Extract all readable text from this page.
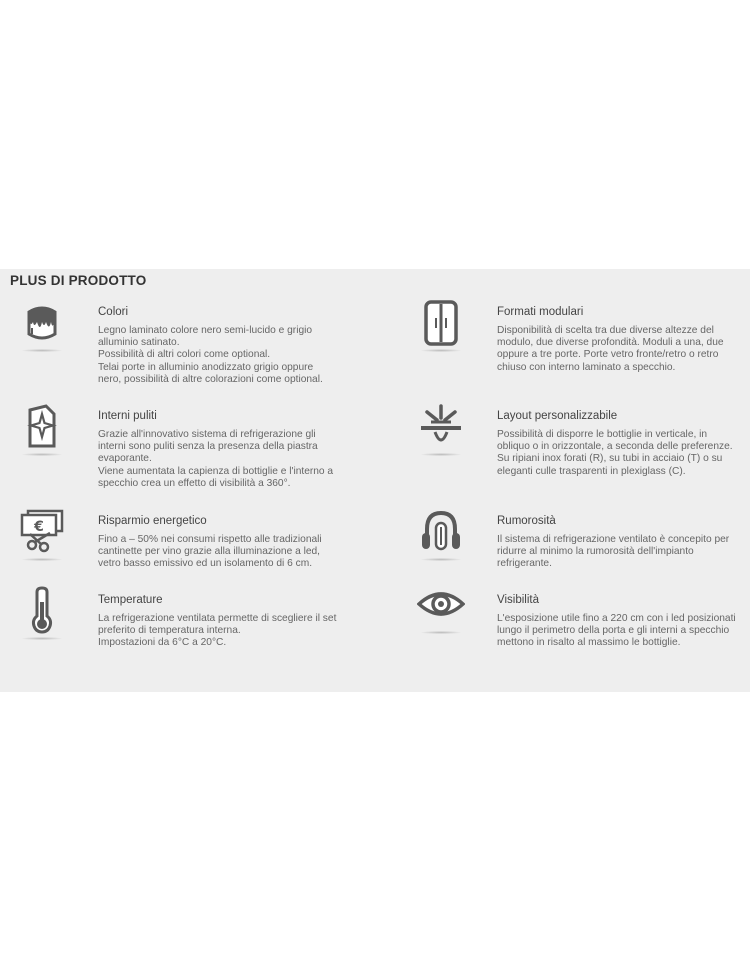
PLUS DI PRODOTTO

Colori

Legno laminato colore nero semi-lucido e grigio alluminio satinato.
Possibilità di altri colori come optional.
Telai porte in alluminio anodizzato grigio oppure nero, possibilità di altre colorazioni come optional.

Formati modulari

Disponibilità di scelta tra due diverse altezze del modulo, due diverse profondità. Moduli a una, due oppure a tre porte. Porte vetro fronte/retro o retro chiuso con interno laminato a specchio.

Interni puliti

Grazie all'innovativo sistema di refrigerazione gli interni sono puliti senza la presenza della piastra evaporante.
Viene aumentata la capienza di bottiglie e l'interno a specchio crea un effetto di visibilità a 360°.

Layout personalizzabile

Possibilità di disporre le bottiglie in verticale, in obliquo o in orizzontale, a seconda delle preferenze. Su ripiani inox forati (R), su tubi in acciaio (T) o su eleganti culle trasparenti in plexiglass (C).

€	Risparmio energetico

Fino a – 50% nei consumi rispetto alle tradizionali cantinette per vino grazie alla illuminazione a led, vetro basso emissivo ed un isolamento di 6 cm.

Rumorosità

Il sistema di refrigerazione ventilato è concepito per ridurre al minimo la rumorosità dell'impianto refrigerante.

Temperature

La refrigerazione ventilata permette di scegliere il set preferito di temperatura interna.
Impostazioni da 6°C a 20°C.

Visibilità

L'esposizione utile fino a 220 cm con i led posizionati lungo il perimetro della porta e gli interni a specchio mettono in risalto al massimo le bottiglie.
